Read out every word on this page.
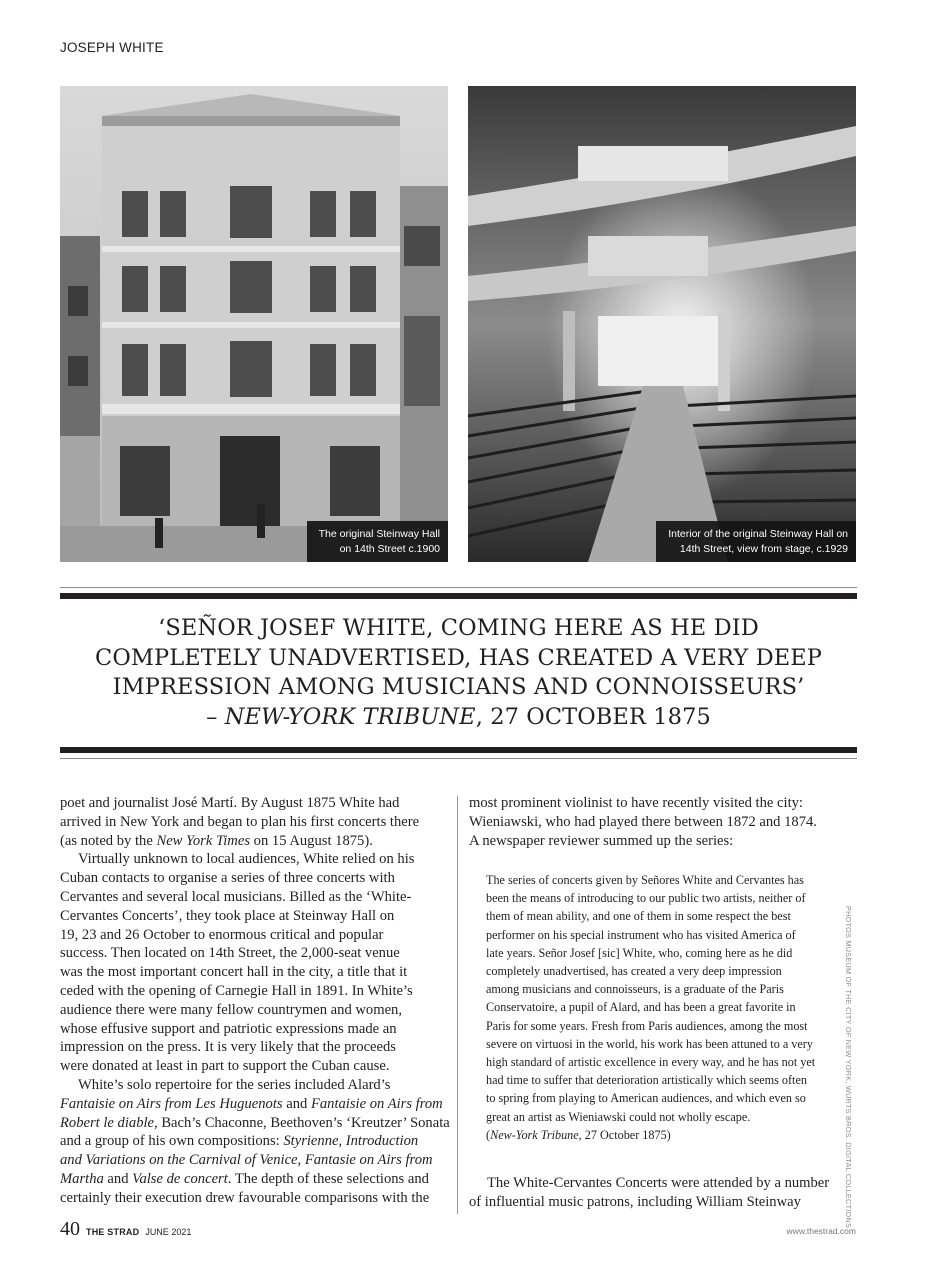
JOSEPH WHITE
The original Steinway Hall
on 14th Street c.1900
Interior of the original Steinway Hall on
14th Street, view from stage, c.1929
‘SEÑOR JOSEF WHITE, COMING HERE AS HE DID
COMPLETELY UNADVERTISED, HAS CREATED A VERY DEEP
IMPRESSION AMONG MUSICIANS AND CONNOISSEURS’
– NEW-YORK TRIBUNE, 27 OCTOBER 1875

poet and journalist José Martí. By August 1875 White had
arrived in New York and began to plan his first concerts there
(as noted by the New York Times on 15 August 1875).

Virtually unknown to local audiences, White relied on his
Cuban contacts to organise a series of three concerts with
Cervantes and several local musicians. Billed as the ‘White-
Cervantes Concerts’, they took place at Steinway Hall on
19, 23 and 26 October to enormous critical and popular
success. Then located on 14th Street, the 2,000-seat venue
was the most important concert hall in the city, a title that it
ceded with the opening of Carnegie Hall in 1891. In White’s
audience there were many fellow countrymen and women,
whose effusive support and patriotic expressions made an
impression on the press. It is very likely that the proceeds
were donated at least in part to support the Cuban cause.

White’s solo repertoire for the series included Alard’s
Fantaisie on Airs from Les Huguenots and Fantaisie on Airs from
Robert le diable, Bach’s Chaconne, Beethoven’s ‘Kreutzer’ Sonata
and a group of his own compositions: Styrienne, Introduction
and Variations on the Carnival of Venice, Fantasie on Airs from
Martha and Valse de concert. The depth of these selections and
certainly their execution drew favourable comparisons with the

most prominent violinist to have recently visited the city:
Wieniawski, who had played there between 1872 and 1874.
A newspaper reviewer summed up the series:

The series of concerts given by Señores White and Cervantes has
been the means of introducing to our public two artists, neither of
them of mean ability, and one of them in some respect the best
performer on his special instrument who has visited America of
late years. Señor Josef [sic] White, who, coming here as he did
completely unadvertised, has created a very deep impression
among musicians and connoisseurs, is a graduate of the Paris
Conservatoire, a pupil of Alard, and has been a great favorite in
Paris for some years. Fresh from Paris audiences, among the most
severe on virtuosi in the world, his work has been attuned to a very
high standard of artistic excellence in every way, and he has not yet
had time to suffer that deterioration artistically which seems often
to spring from playing to American audiences, and which even so
great an artist as Wieniawski could not wholly escape.
(New-York Tribune, 27 October 1875)

The White-Cervantes Concerts were attended by a number
of influential music patrons, including William Steinway	PHOTOS MUSEUM OF THE CITY OF NEW YORK, WURTS BROS. DIGITAL COLLECTIONS
40 THE STRAD JUNE 2021	www.thestrad.com
